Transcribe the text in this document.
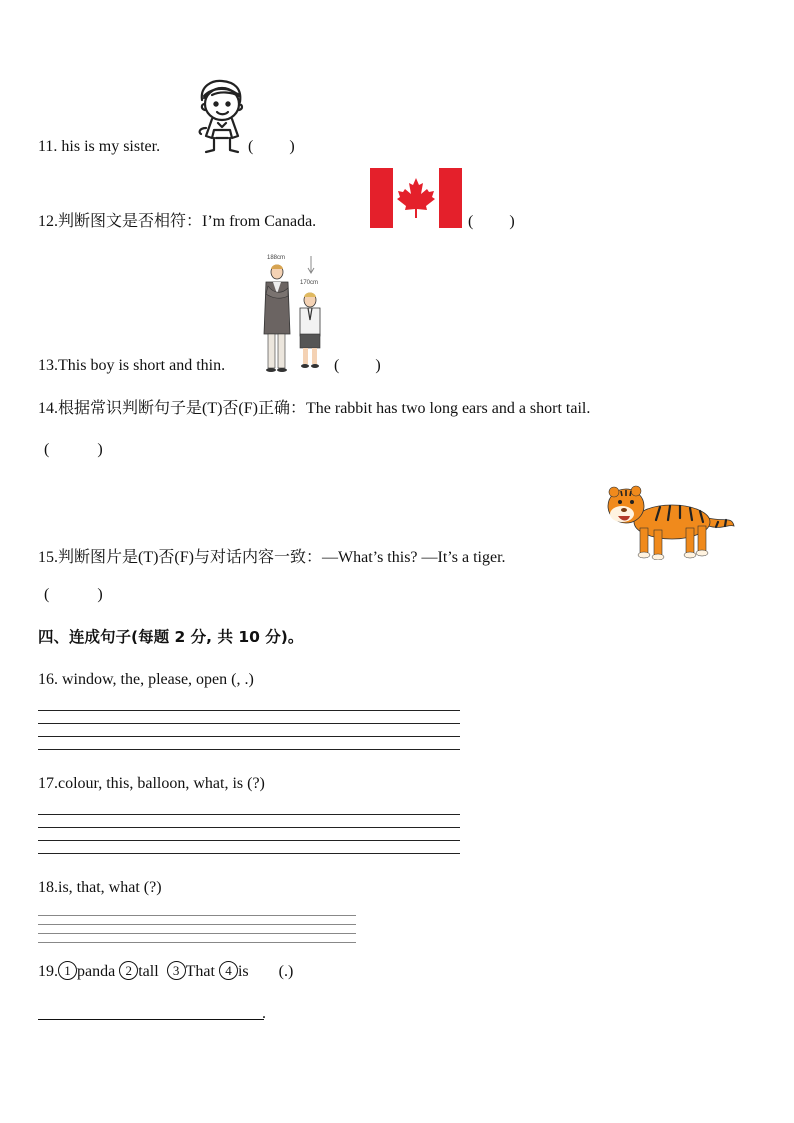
11. his is my sister.	(　　 )
12.判断图文是否相符：I’m from Canada.	(　　 )
13.This boy is short and thin.
188cm
170cm
(　　 )
14.根据常识判断句子是(T)否(F)正确：The rabbit has two long ears and a short tail.
(　　　)
15.判断图片是(T)否(F)与对话内容一致：—What’s this? —It’s a tiger.
(　　　)
四、连成句子(每题 2 分, 共 10 分)。
16. window, the, please, open (, .)
17.colour, this, balloon, what, is (?)
18.is, that, what (?)
19. 1 panda 2 tall 3 That 4 is (.)
.
